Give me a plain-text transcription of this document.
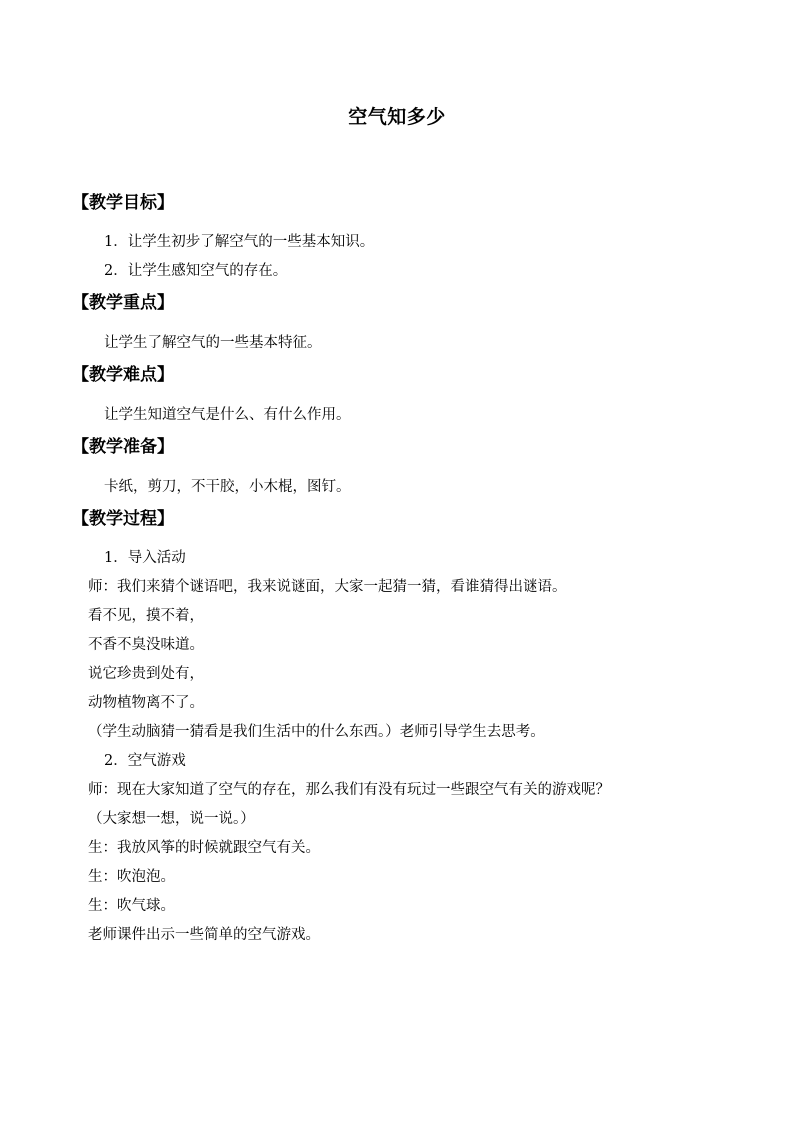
空气知多少
【教学目标】
1．让学生初步了解空气的一些基本知识。
2．让学生感知空气的存在。
【教学重点】
让学生了解空气的一些基本特征。
【教学难点】
让学生知道空气是什么、有什么作用。
【教学准备】
卡纸，剪刀，不干胶，小木棍，图钉。
【教学过程】
1．导入活动
师：我们来猜个谜语吧，我来说谜面，大家一起猜一猜，看谁猜得出谜语。
看不见，摸不着，
不香不臭没味道。
说它珍贵到处有，
动物植物离不了。
（学生动脑猜一猜看是我们生活中的什么东西。）老师引导学生去思考。
2．空气游戏
师：现在大家知道了空气的存在，那么我们有没有玩过一些跟空气有关的游戏呢？
（大家想一想，说一说。）
生：我放风筝的时候就跟空气有关。
生：吹泡泡。
生：吹气球。
老师课件出示一些简单的空气游戏。
